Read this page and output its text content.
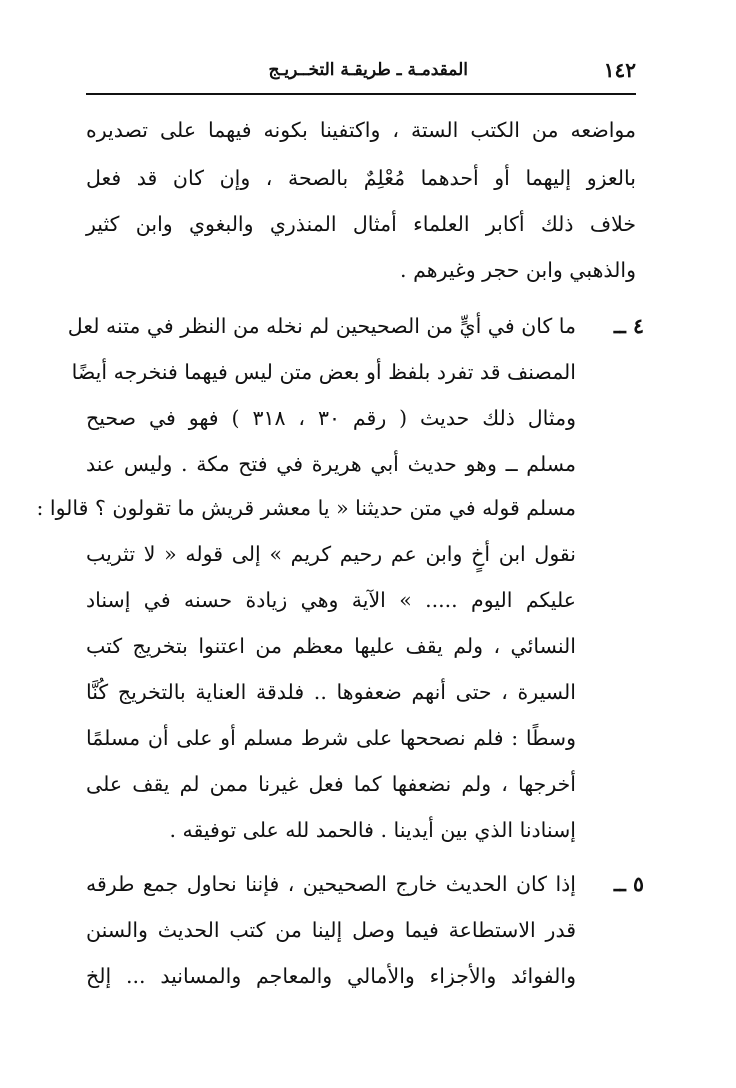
١٤٢
المقدمـة ـ طريقـة التخــريـج
مواضعه من الكتب الستة ، واكتفينا بكونه فيهما على تصديره
بالعزو إليهما أو أحدهما مُعْلِمٌ بالصحة ، وإن كان قد فعل
خلاف ذلك أكابر العلماء أمثال المنذري والبغوي وابن كثير
والذهبي وابن حجر وغيرهم .
٤ ــ
ما كان في أيٍّ من الصحيحين لم نخله من النظر في متنه لعل
المصنف قد تفرد بلفظ أو بعض متن ليس فيهما فنخرجه أيضًا
ومثال ذلك حديث ( رقم ٣٠ ، ٣١٨ ) فهو في صحيح
مسلم ــ وهو حديث أبي هريرة في فتح مكة . وليس عند
مسلم قوله في متن حديثنا « يا معشر قريش ما تقولون ؟ قالوا :
نقول ابن أخٍ وابن عم رحيم كريم » إلى قوله « لا تثريب
عليكم اليوم ..... » الآية وهي زيادة حسنه في إسناد
النسائي ، ولم يقف عليها معظم من اعتنوا بتخريج كتب
السيرة ، حتى أنهم ضعفوها .. فلدقة العناية بالتخريج كُنَّا
وسطًا : فلم نصححها على شرط مسلم أو على أن مسلمًا
أخرجها ، ولم نضعفها كما فعل غيرنا ممن لم يقف على
إسنادنا الذي بين أيدينا . فالحمد لله على توفيقه .
٥ ــ
إذا كان الحديث خارج الصحيحين ، فإننا نحاول جمع طرقه
قدر الاستطاعة فيما وصل إلينا من كتب الحديث والسنن
والفوائد والأجزاء والأمالي والمعاجم والمسانيد ... إلخ
